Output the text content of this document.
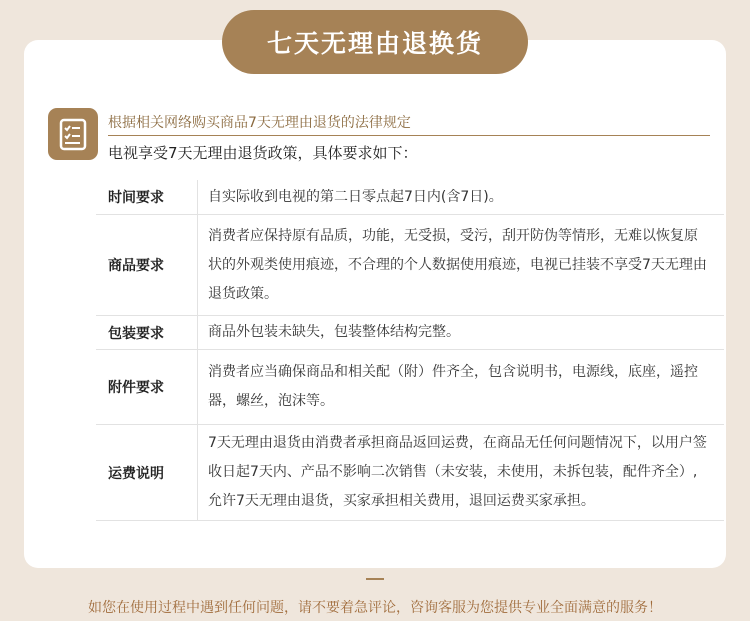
七天无理由退换货
根据相关网络购买商品7天无理由退货的法律规定
电视享受7天无理由退货政策，具体要求如下：
时间要求	自实际收到电视的第二日零点起7日内(含7日)。
商品要求
消费者应保持原有品质，功能，无受损，受污，刮开防伪等情形，无难以恢复原状的外观类使用痕迹，不合理的个人数据使用痕迹，电视已挂装不享受7天无理由退货政策。
包装要求	商品外包装未缺失，包装整体结构完整。
附件要求
消费者应当确保商品和相关配（附）件齐全，包含说明书，电源线，底座，遥控器，螺丝，泡沫等。
运费说明
7天无理由退货由消费者承担商品返回运费，在商品无任何问题情况下，以用户签收日起7天内、产品不影响二次销售（未安装，未使用，未拆包装，配件齐全）,允许7天无理由退货，买家承担相关费用，退回运费买家承担。
如您在使用过程中遇到任何问题，请不要着急评论，咨询客服为您提供专业全面满意的服务！
